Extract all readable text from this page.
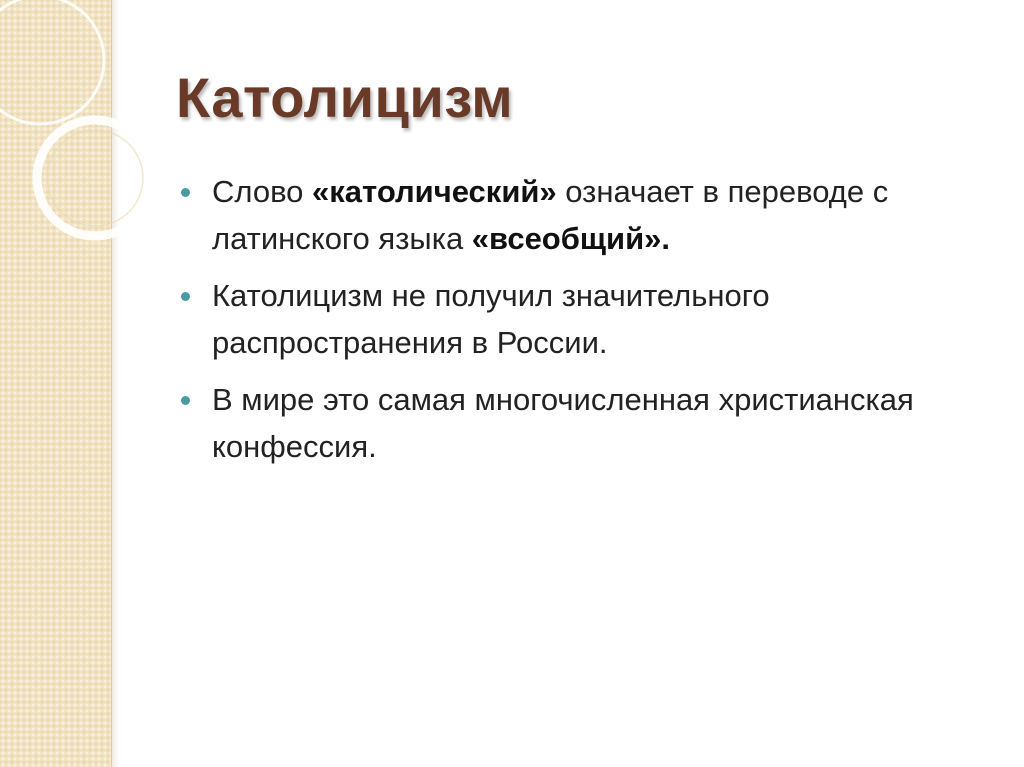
Католицизм
Слово «католический» означает в переводе с латинского языка «всеобщий».
Католицизм не получил значительного распространения в России.
В мире это самая многочисленная христианская конфессия.
